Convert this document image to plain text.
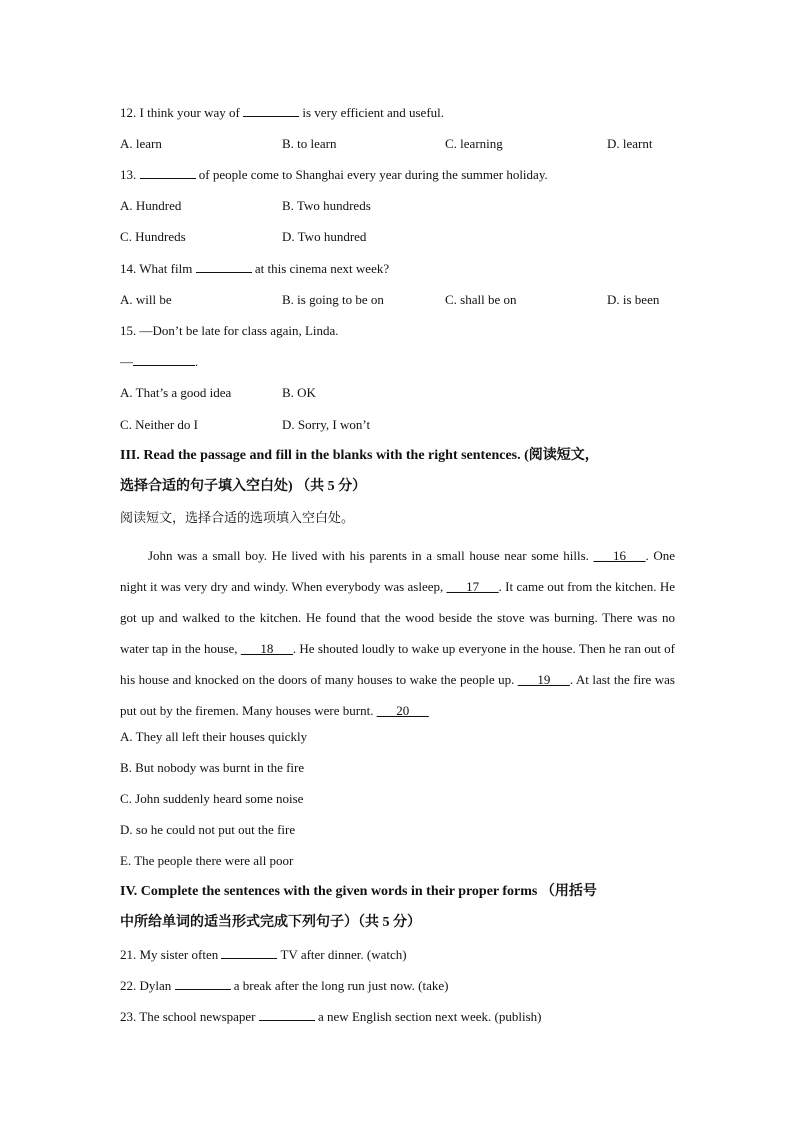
12. I think your way of	is very efficient and useful.
A. learn	B. to learn	C. learning	D. learnt
13.	of people come to Shanghai every year during the summer holiday.
A. Hundred	B. Two hundreds
C. Hundreds	D. Two hundred
14. What film	at this cinema next week?
A. will be	B. is going to be on	C. shall be on	D. is been
15. —Don’t be late for class again, Linda.
—	.
A. That’s a good idea	B. OK
C. Neither do I	D. Sorry, I won’t
III. Read the passage and fill in the blanks with the right sentences. (阅读短文，
选择合适的句子填入空白处) （共 5 分）
阅读短文，选择合适的选项填入空白处。
John was a small boy. He lived with his parents in a small house near some hills. ___16___. One night it was very dry and windy. When everybody was asleep, ___17___. It came out from the kitchen. He got up and walked to the kitchen. He found that the wood beside the stove was burning. There was no water tap in the house, ___18___. He shouted loudly to wake up everyone in the house. Then he ran out of his house and knocked on the doors of many houses to wake the people up. ___19___. At last the fire was put out by the firemen. Many houses were burnt. ___20___
A. They all left their houses quickly
B. But nobody was burnt in the fire
C. John suddenly heard some noise
D. so he could not put out the fire
E. The people there were all poor
IV. Complete the sentences with the given words in their proper forms （用括号
中所给单词的适当形式完成下列句子）（共 5 分）
21. My sister often	TV after dinner. (watch)
22. Dylan	a break after the long run just now. (take)
23. The school newspaper	a new English section next week. (publish)
